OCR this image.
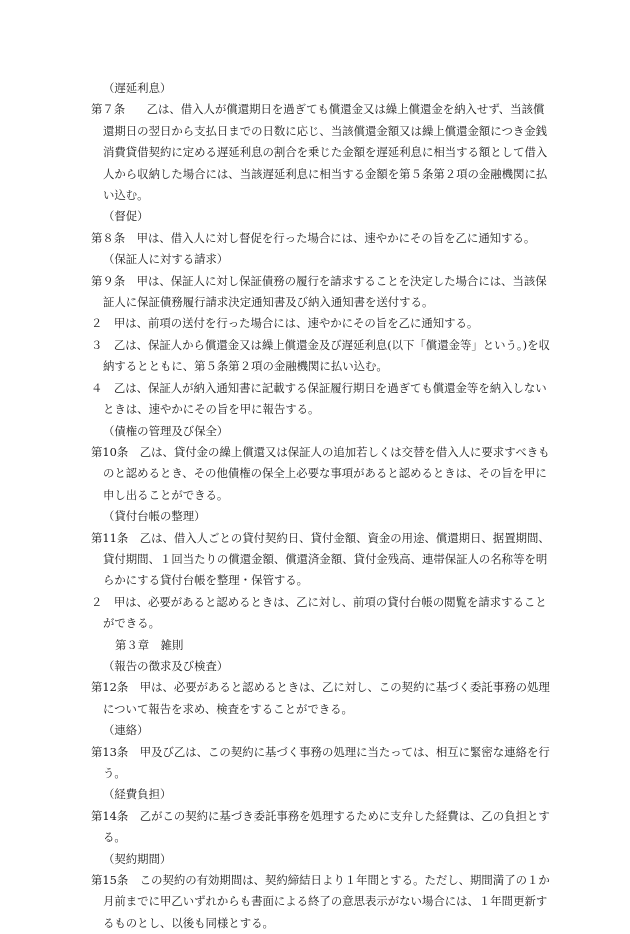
（遅延利息）
第７条　 乙は、借入人が償還期日を過ぎても償還金又は繰上償還金を納入せず、当該償還期日の翌日から支払日までの日数に応じ、当該償還金額又は繰上償還金額につき金銭消費貸借契約に定める遅延利息の割合を乗じた金額を遅延利息に相当する額として借入人から収納した場合には、当該遅延利息に相当する金額を第５条第２項の金融機関に払い込む。
（督促）
第８条　 甲は、借入人に対し督促を行った場合には、速やかにその旨を乙に通知する。
（保証人に対する請求）
第９条　 甲は、保証人に対し保証債務の履行を請求することを決定した場合には、当該保証人に保証債務履行請求決定通知書及び納入通知書を送付する。
２　 甲は、前項の送付を行った場合には、速やかにその旨を乙に通知する。
３　 乙は、保証人から償還金又は繰上償還金及び遅延利息(以下「償還金等」という。)を収納するとともに、第５条第２項の金融機関に払い込む。
４　 乙は、保証人が納入通知書に記載する保証履行期日を過ぎても償還金等を納入しないときは、速やかにその旨を甲に報告する。
（債権の管理及び保全）
第10条　 乙は、貸付金の繰上償還又は保証人の追加若しくは交替を借入人に要求すべきものと認めるとき、その他債権の保全上必要な事項があると認めるときは、その旨を甲に申し出ることができる。
（貸付台帳の整理）
第11条　 乙は、借入人ごとの貸付契約日、貸付金額、資金の用途、償還期日、据置期間、貸付期間、１回当たりの償還金額、償還済金額、貸付金残高、連帯保証人の名称等を明らかにする貸付台帳を整理・保管する。
２　 甲は、必要があると認めるときは、乙に対し、前項の貸付台帳の閲覧を請求することができる。
第３章　雑則
（報告の徴求及び検査）
第12条　 甲は、必要があると認めるときは、乙に対し、この契約に基づく委託事務の処理について報告を求め、検査をすることができる。
（連絡）
第13条　 甲及び乙は、この契約に基づく事務の処理に当たっては、相互に緊密な連絡を行う。
（経費負担）
第14条　 乙がこの契約に基づき委託事務を処理するために支弁した経費は、乙の負担とする。
（契約期間）
第15条　 この契約の有効期間は、契約締結日より１年間とする。ただし、期間満了の１か月前までに甲乙いずれからも書面による終了の意思表示がない場合には、１年間更新するものとし、以後も同様とする。
